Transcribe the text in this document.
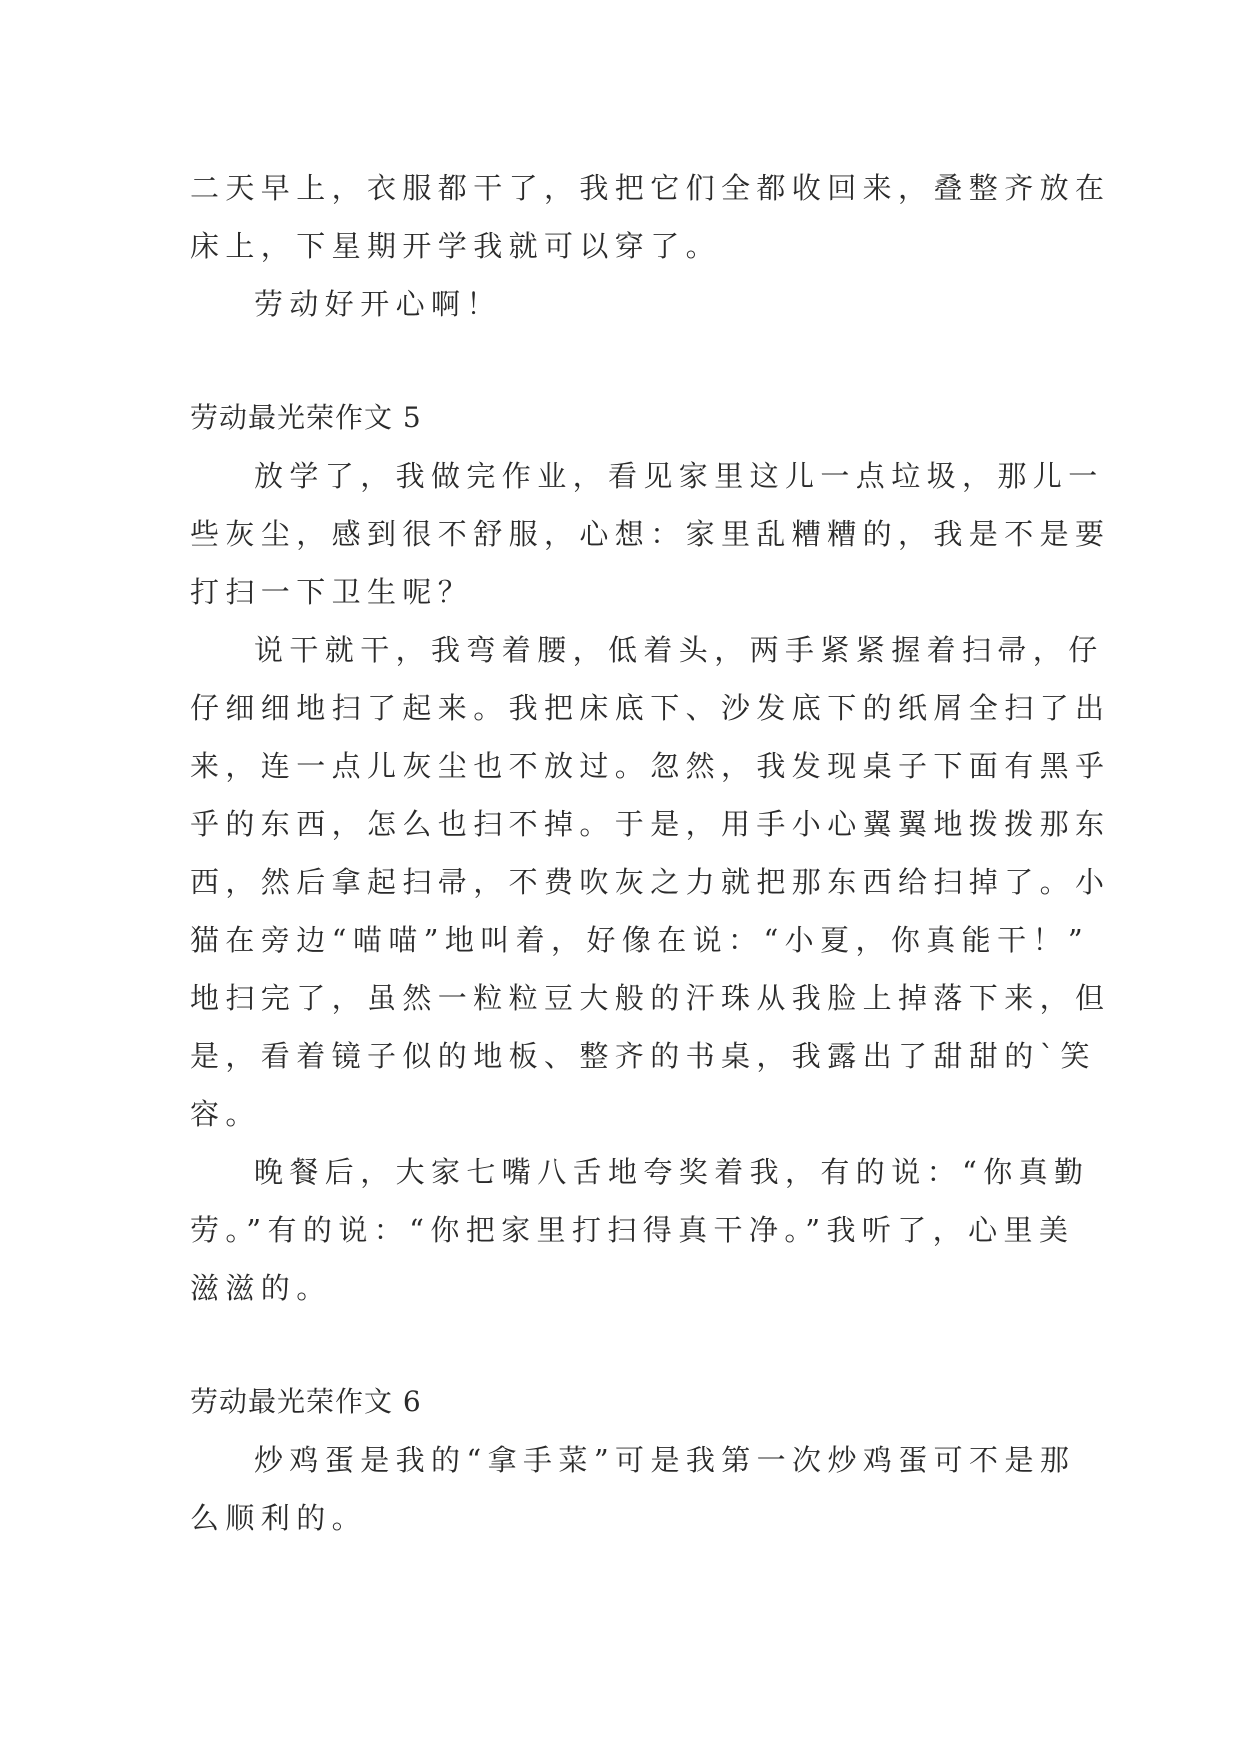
二天早上，衣服都干了，我把它们全都收回来，叠整齐放在
床上，下星期开学我就可以穿了。
劳动好开心啊！
劳动最光荣作文 5
放学了，我做完作业，看见家里这儿一点垃圾，那儿一
些灰尘，感到很不舒服，心想：家里乱糟糟的，我是不是要
打扫一下卫生呢？
说干就干，我弯着腰，低着头，两手紧紧握着扫帚，仔
仔细细地扫了起来。我把床底下、沙发底下的纸屑全扫了出
来，连一点儿灰尘也不放过。忽然，我发现桌子下面有黑乎
乎的东西，怎么也扫不掉。于是，用手小心翼翼地拨拨那东
西，然后拿起扫帚，不费吹灰之力就把那东西给扫掉了。小
猫在旁边“喵喵”地叫着，好像在说：“小夏，你真能干！”
地扫完了，虽然一粒粒豆大般的汗珠从我脸上掉落下来，但
是，看着镜子似的地板、整齐的书桌，我露出了甜甜的`笑
容。
晚餐后，大家七嘴八舌地夸奖着我，有的说：“你真勤
劳。”有的说：“你把家里打扫得真干净。”我听了，心里美
滋滋的。
劳动最光荣作文 6
炒鸡蛋是我的“拿手菜”可是我第一次炒鸡蛋可不是那
么顺利的。
